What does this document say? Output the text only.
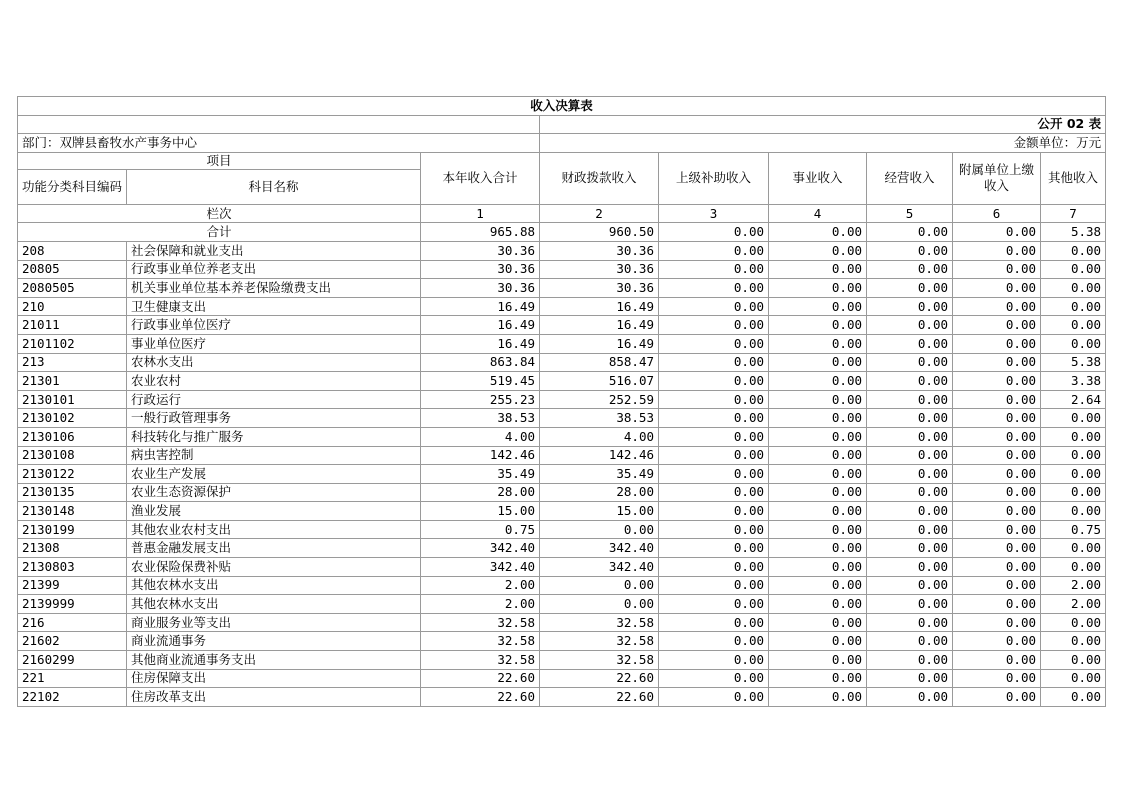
收入决算表								
			公开 02 表					
部门：双牌县畜牧水产事务中心			金额单位：万元					
项目		本年收入合计	财政拨款收入	上级补助收入	事业收入	经营收入	附属单位上缴收入	其他收入
功能分类科目编码	科目名称							
栏次		1	2	3	4	5	6	7
合计		965.88	960.50	0.00	0.00	0.00	0.00	5.38
208	社会保障和就业支出	30.36	30.36	0.00	0.00	0.00	0.00	0.00
20805	行政事业单位养老支出	30.36	30.36	0.00	0.00	0.00	0.00	0.00
2080505	机关事业单位基本养老保险缴费支出	30.36	30.36	0.00	0.00	0.00	0.00	0.00
210	卫生健康支出	16.49	16.49	0.00	0.00	0.00	0.00	0.00
21011	行政事业单位医疗	16.49	16.49	0.00	0.00	0.00	0.00	0.00
2101102	事业单位医疗	16.49	16.49	0.00	0.00	0.00	0.00	0.00
213	农林水支出	863.84	858.47	0.00	0.00	0.00	0.00	5.38
21301	农业农村	519.45	516.07	0.00	0.00	0.00	0.00	3.38
2130101	行政运行	255.23	252.59	0.00	0.00	0.00	0.00	2.64
2130102	一般行政管理事务	38.53	38.53	0.00	0.00	0.00	0.00	0.00
2130106	科技转化与推广服务	4.00	4.00	0.00	0.00	0.00	0.00	0.00
2130108	病虫害控制	142.46	142.46	0.00	0.00	0.00	0.00	0.00
2130122	农业生产发展	35.49	35.49	0.00	0.00	0.00	0.00	0.00
2130135	农业生态资源保护	28.00	28.00	0.00	0.00	0.00	0.00	0.00
2130148	渔业发展	15.00	15.00	0.00	0.00	0.00	0.00	0.00
2130199	其他农业农村支出	0.75	0.00	0.00	0.00	0.00	0.00	0.75
21308	普惠金融发展支出	342.40	342.40	0.00	0.00	0.00	0.00	0.00
2130803	农业保险保费补贴	342.40	342.40	0.00	0.00	0.00	0.00	0.00
21399	其他农林水支出	2.00	0.00	0.00	0.00	0.00	0.00	2.00
2139999	其他农林水支出	2.00	0.00	0.00	0.00	0.00	0.00	2.00
216	商业服务业等支出	32.58	32.58	0.00	0.00	0.00	0.00	0.00
21602	商业流通事务	32.58	32.58	0.00	0.00	0.00	0.00	0.00
2160299	其他商业流通事务支出	32.58	32.58	0.00	0.00	0.00	0.00	0.00
221	住房保障支出	22.60	22.60	0.00	0.00	0.00	0.00	0.00
22102	住房改革支出	22.60	22.60	0.00	0.00	0.00	0.00	0.00
